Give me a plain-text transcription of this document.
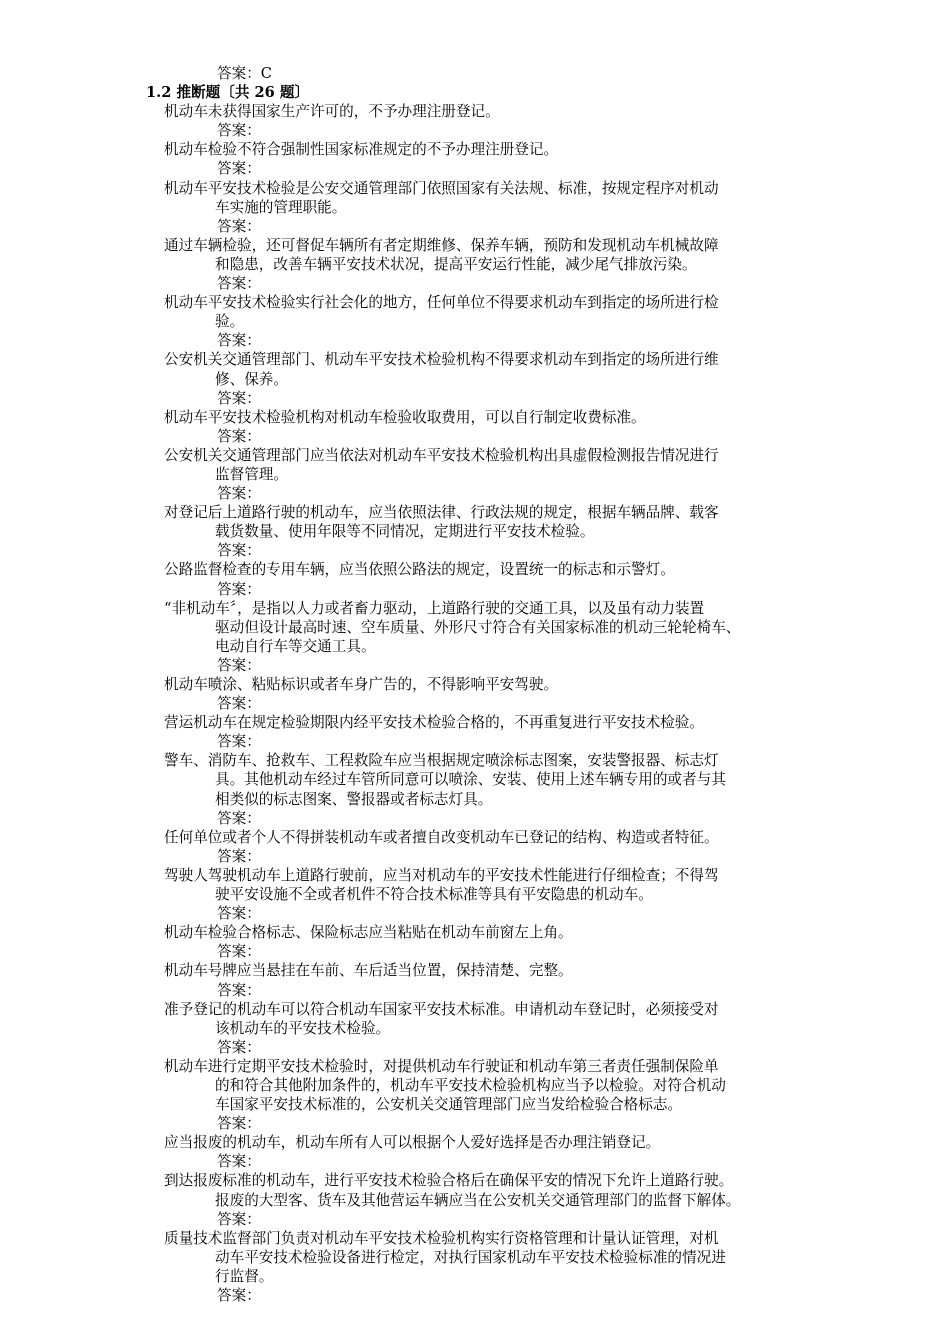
答案：C
1.2 推断题〔共 26 题〕
机动车未获得国家生产许可的，不予办理注册登记。
答案：
机动车检验不符合强制性国家标准规定的不予办理注册登记。
答案：
机动车平安技术检验是公安交通管理部门依照国家有关法规、标准，按规定程序对机动
车实施的管理职能。
答案：
通过车辆检验，还可督促车辆所有者定期维修、保养车辆，预防和发现机动车机械故障
和隐患，改善车辆平安技术状况，提高平安运行性能，减少尾气排放污染。
答案：
机动车平安技术检验实行社会化的地方，任何单位不得要求机动车到指定的场所进行检
验。
答案：
公安机关交通管理部门、机动车平安技术检验机构不得要求机动车到指定的场所进行维
修、保养。
答案：
机动车平安技术检验机构对机动车检验收取费用，可以自行制定收费标准。
答案：
公安机关交通管理部门应当依法对机动车平安技术检验机构出具虚假检测报告情况进行
监督管理。
答案：
对登记后上道路行驶的机动车，应当依照法律、行政法规的规定，根据车辆品牌、载客
载货数量、使用年限等不同情况，定期进行平安技术检验。
答案：
公路监督检查的专用车辆，应当依照公路法的规定，设置统一的标志和示警灯。
答案：
“非机动车〞，是指以人力或者畜力驱动，上道路行驶的交通工具，以及虽有动力装置
驱动但设计最高时速、空车质量、外形尺寸符合有关国家标准的机动三轮轮椅车、
电动自行车等交通工具。
答案：
机动车喷涂、粘贴标识或者车身广告的，不得影响平安驾驶。
答案：
营运机动车在规定检验期限内经平安技术检验合格的，不再重复进行平安技术检验。
答案：
警车、消防车、抢救车、工程救险车应当根据规定喷涂标志图案，安装警报器、标志灯
具。其他机动车经过车管所同意可以喷涂、安装、使用上述车辆专用的或者与其
相类似的标志图案、警报器或者标志灯具。
答案：
任何单位或者个人不得拼装机动车或者擅自改变机动车已登记的结构、构造或者特征。
答案：
驾驶人驾驶机动车上道路行驶前，应当对机动车的平安技术性能进行仔细检查；不得驾
驶平安设施不全或者机件不符合技术标准等具有平安隐患的机动车。
答案：
机动车检验合格标志、保险标志应当粘贴在机动车前窗左上角。
答案：
机动车号牌应当悬挂在车前、车后适当位置，保持清楚、完整。
答案：
准予登记的机动车可以符合机动车国家平安技术标准。申请机动车登记时，必须接受对
该机动车的平安技术检验。
答案：
机动车进行定期平安技术检验时，对提供机动车行驶证和机动车第三者责任强制保险单
的和符合其他附加条件的，机动车平安技术检验机构应当予以检验。对符合机动
车国家平安技术标准的，公安机关交通管理部门应当发给检验合格标志。
答案：
应当报废的机动车，机动车所有人可以根据个人爱好选择是否办理注销登记。
答案：
到达报废标准的机动车，进行平安技术检验合格后在确保平安的情况下允许上道路行驶。
报废的大型客、货车及其他营运车辆应当在公安机关交通管理部门的监督下解体。
答案：
质量技术监督部门负责对机动车平安技术检验机构实行资格管理和计量认证管理，对机
动车平安技术检验设备进行检定，对执行国家机动车平安技术检验标准的情况进
行监督。
答案：
